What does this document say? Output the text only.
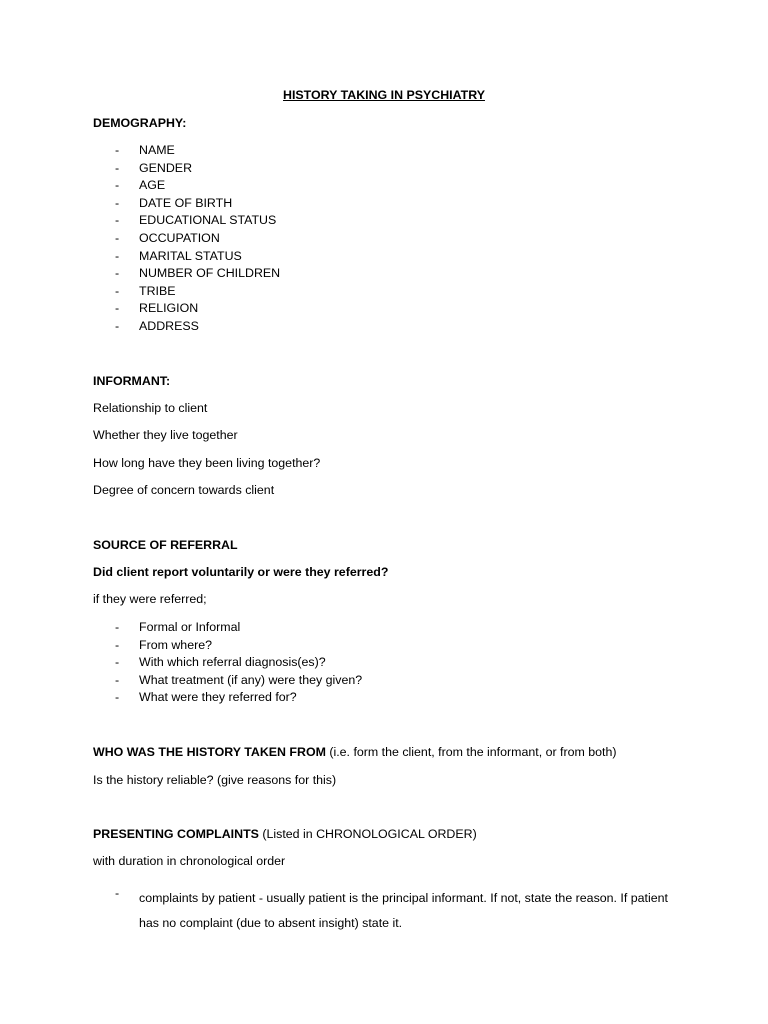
HISTORY TAKING IN PSYCHIATRY
DEMOGRAPHY:
- NAME
- GENDER
- AGE
- DATE OF BIRTH
- EDUCATIONAL STATUS
- OCCUPATION
- MARITAL STATUS
- NUMBER OF CHILDREN
- TRIBE
- RELIGION
- ADDRESS
INFORMANT:
Relationship to client
Whether they live together
How long have they been living together?
Degree of concern towards client
SOURCE OF REFERRAL
Did client report voluntarily or were they referred?
if they were referred;
- Formal or Informal
- From where?
- With which referral diagnosis(es)?
- What treatment (if any) were they given?
- What were they referred for?
WHO WAS THE HISTORY TAKEN FROM (i.e. form the client, from the informant, or from both)
Is the history reliable? (give reasons for this)
PRESENTING COMPLAINTS (Listed in CHRONOLOGICAL ORDER)
with duration in chronological order
- complaints by patient - usually patient is the principal informant. If not, state the reason. If patient has no complaint (due to absent insight) state it.
